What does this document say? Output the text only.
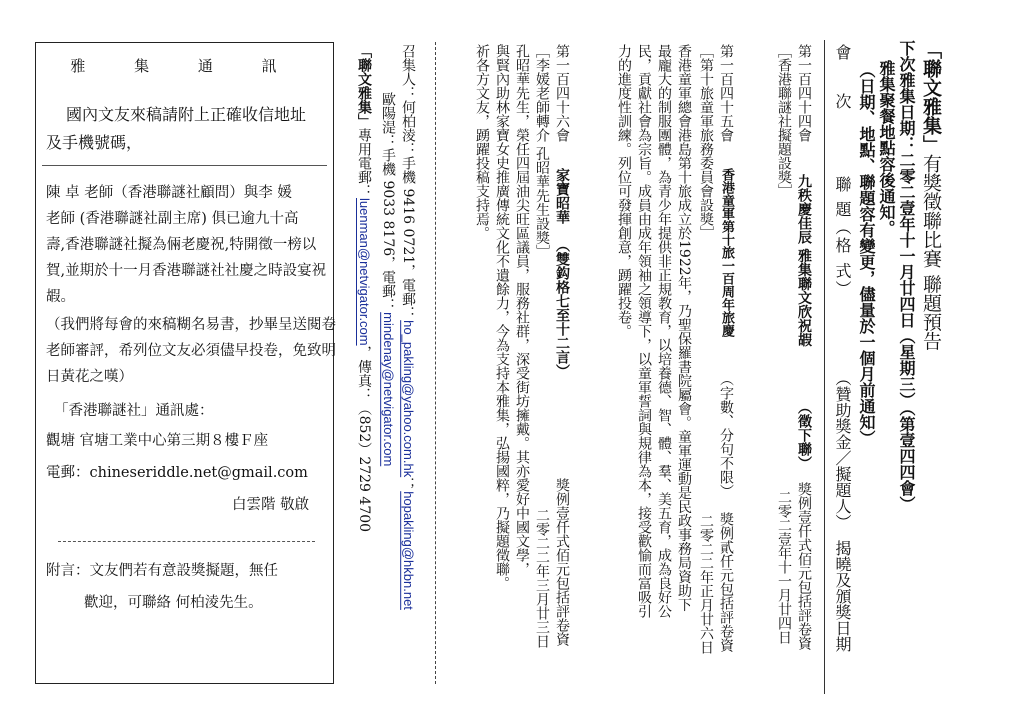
雅 集 通 訊
國內文友來稿請附上正確收信地址
及手機號碼，
陳 卓 老師（香港聯謎社顧問）與李 媛
老師 (香港聯謎社副主席) 俱已逾九十高
壽,香港聯謎社擬為倆老慶祝,特開徵一榜以
賀,並期於十一月香港聯謎社社慶之時設宴祝
嘏。
（我們將每會的來稿糊名易書，抄畢呈送閱卷
老師審評，希列位文友必須儘早投卷，免致明
日黃花之嘆）
「香港聯謎社」通訊處：
觀塘 官塘工業中心第三期８樓Ｆ座
電郵：chineseriddle.net@gmail.com
白雲階 敬啟
附言：文友們若有意設獎擬題，無任
歡迎，可聯絡 何柏淩先生。
「聯文雅集」有獎徵聯比賽 聯題預告
下次雅集日期：二零二壹年十一月廿四日（星期三）（第壹四四會）
雅集聚餐地點容後通知。
（日期、地點、聯題容有變更，儘量於一個月前通知）
會 次
聯 題（格 式）
（贊助獎金／擬題人）
揭曉及頒獎日期
第一百四十四會
九秩慶佳辰 雅集聯文欣祝嘏
（徵下聯）
獎例壹仟式佰元包括評卷資
［香港聯謎社擬題設獎］
二零二壹年十一月廿四日
第一百四十五會
香港童軍第十旅一百周年旅慶
（字數、分句不限）
獎例貳仟元包括評卷資
［第十旅童軍旅務委員會設獎］
二零二二年正月廿六日
香港童軍總會港島第十旅成立於1922年，乃聖保羅書院屬會。童軍運動是民政事務局資助下
最龐大的制服團體，為青少年提供非正規教育，以培養德、智、體、羣、美五育，成為良好公
民，貢獻社會為宗旨。成員由成年領袖之領導下，以童軍誓詞與規律為本，接受歡愉而富吸引
力的進度性訓練。列位可發揮創意，踴躍投卷。
第一百四十六會
家寶昭華
（雙鈎格七至十二言）
獎例壹仟式佰元包括評卷資
［李媛老師轉介 孔昭華先生設獎］
二零二二年三月廿三日
孔昭華先生，榮任四屆油尖旺區議員，服務社群，深受街坊擁戴。其亦愛好中國文學，
與賢內助林家寶女史推廣傳統文化不遺餘力，今為支持本雅集，弘揚國粹，乃擬題徵聯。
祈各方文友，踴躍投稿支持焉。
召集人：何柏淩：手機 9416 0721，電郵：ho_pakling@yahoo.com.hk；hopakling@hkbn.net
歐陽湜：手機 9033 8176，電郵：mindenay@netvigator.com
「聯文雅集」專用電郵：luenman@netvigator.com，傳真：（852）2729 4700
